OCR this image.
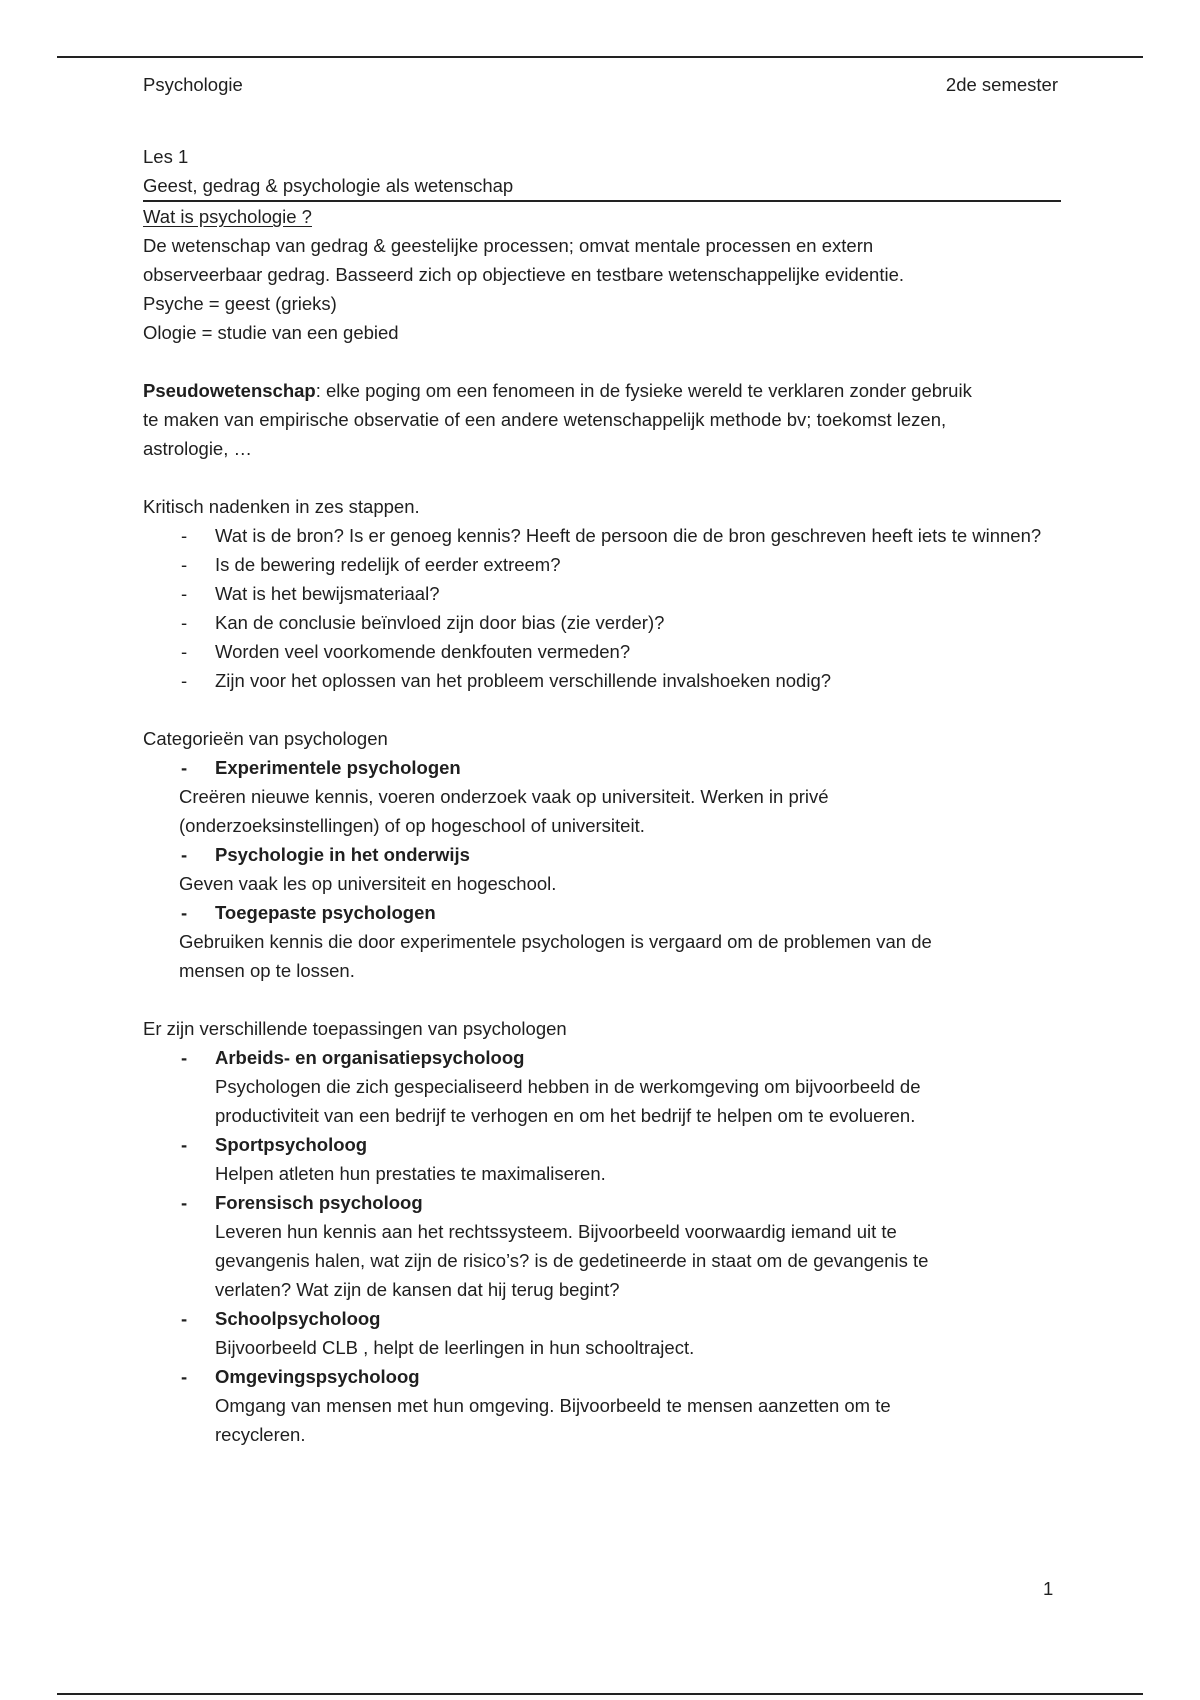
Psychologie	2de semester

Les 1

Geest, gedrag & psychologie als wetenschap

Wat is psychologie ?

De wetenschap van gedrag & geestelijke processen; omvat mentale processen en extern

observeerbaar gedrag. Basseerd zich op objectieve en testbare wetenschappelijke evidentie.

Psyche = geest (grieks)

Ologie = studie van een gebied

Pseudowetenschap: elke poging om een fenomeen in de fysieke wereld te verklaren zonder gebruik

te maken van empirische observatie of een andere wetenschappelijk methode bv; toekomst lezen,

astrologie, …

Kritisch nadenken in zes stappen.

- Wat is de bron? Is er genoeg kennis? Heeft de persoon die de bron geschreven heeft iets te winnen?
- Is de bewering redelijk of eerder extreem?
- Wat is het bewijsmateriaal?
- Kan de conclusie beïnvloed zijn door bias (zie verder)?
- Worden veel voorkomende denkfouten vermeden?
- Zijn voor het oplossen van het probleem verschillende invalshoeken nodig?

Categorieën van psychologen

- Experimentele psychologen

Creëren nieuwe kennis, voeren onderzoek vaak op universiteit. Werken in privé

(onderzoeksinstellingen) of op hogeschool of universiteit.

- Psychologie in het onderwijs

Geven vaak les op universiteit en hogeschool.

- Toegepaste psychologen

Gebruiken kennis die door experimentele psychologen is vergaard om de problemen van de

mensen op te lossen.

Er zijn verschillende toepassingen van psychologen

- Arbeids- en organisatiepsycholoog

Psychologen die zich gespecialiseerd hebben in de werkomgeving om bijvoorbeeld de

productiviteit van een bedrijf te verhogen en om het bedrijf te helpen om te evolueren.

- Sportpsycholoog

Helpen atleten hun prestaties te maximaliseren.

- Forensisch psycholoog

Leveren hun kennis aan het rechtssysteem. Bijvoorbeeld voorwaardig iemand uit te

gevangenis halen, wat zijn de risico’s? is de gedetineerde in staat om de gevangenis te

verlaten? Wat zijn de kansen dat hij terug begint?

- Schoolpsycholoog

Bijvoorbeeld CLB , helpt de leerlingen in hun schooltraject.

- Omgevingspsycholoog

Omgang van mensen met hun omgeving. Bijvoorbeeld te mensen aanzetten om te

recycleren.

1
